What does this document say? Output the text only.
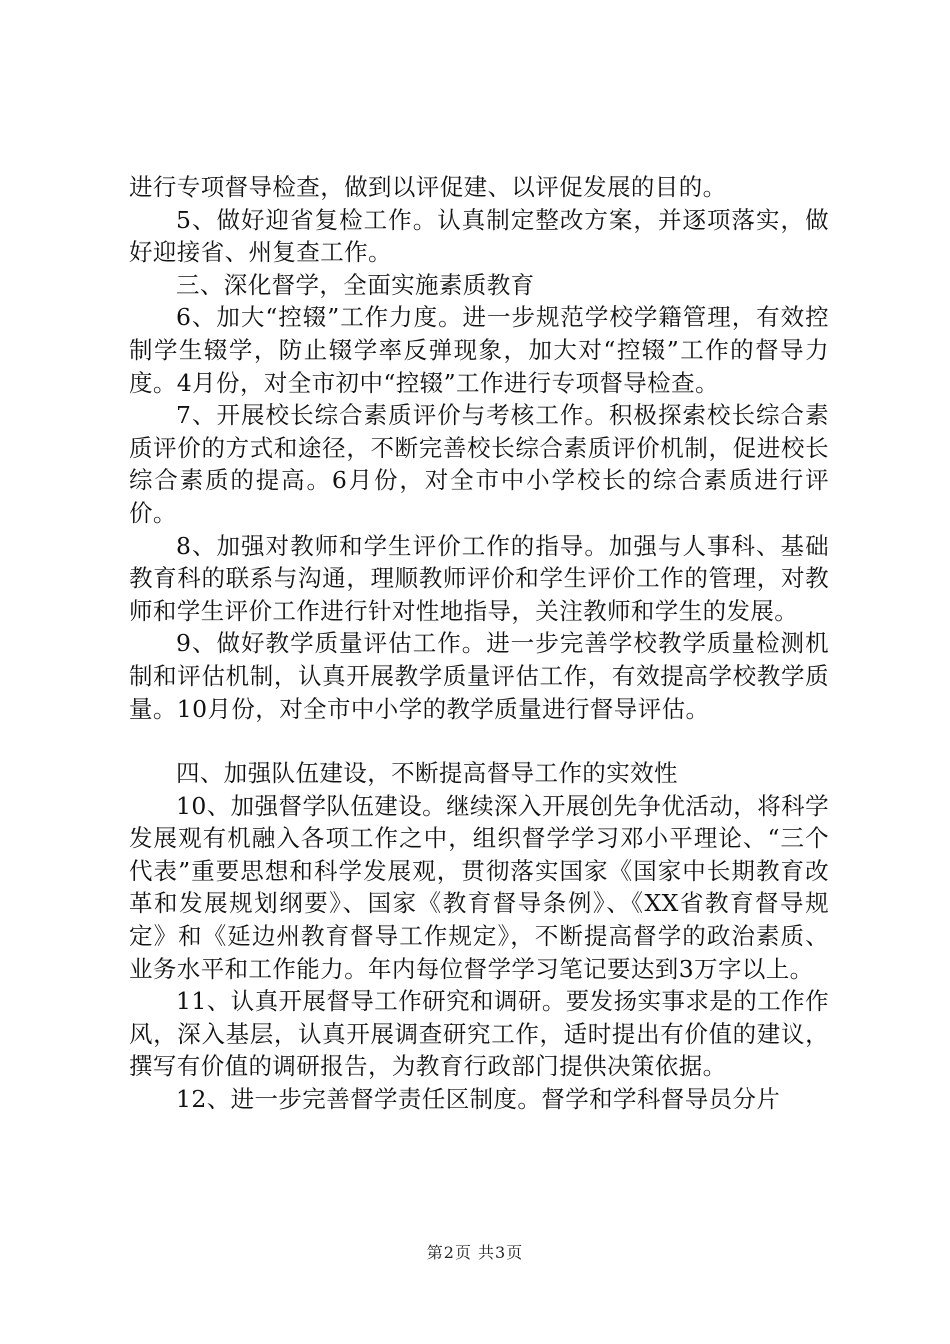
进行专项督导检查，做到以评促建、以评促发展的目的。

5、做好迎省复检工作。认真制定整改方案，并逐项落实，做好迎接省、州复查工作。

三、深化督学，全面实施素质教育

6、加大“控辍”工作力度。进一步规范学校学籍管理，有效控制学生辍学，防止辍学率反弹现象，加大对“控辍”工作的督导力度。4月份，对全市初中“控辍”工作进行专项督导检查。

7、开展校长综合素质评价与考核工作。积极探索校长综合素质评价的方式和途径，不断完善校长综合素质评价机制，促进校长综合素质的提高。6月份，对全市中小学校长的综合素质进行评价。

8、加强对教师和学生评价工作的指导。加强与人事科、基础教育科的联系与沟通，理顺教师评价和学生评价工作的管理，对教师和学生评价工作进行针对性地指导，关注教师和学生的发展。

9、做好教学质量评估工作。进一步完善学校教学质量检测机制和评估机制，认真开展教学质量评估工作，有效提高学校教学质量。10月份，对全市中小学的教学质量进行督导评估。

四、加强队伍建设，不断提高督导工作的实效性

10、加强督学队伍建设。继续深入开展创先争优活动，将科学发展观有机融入各项工作之中，组织督学学习邓小平理论、“三个代表”重要思想和科学发展观，贯彻落实国家《国家中长期教育改革和发展规划纲要》、国家《教育督导条例》、《XX省教育督导规定》和《延边州教育督导工作规定》，不断提高督学的政治素质、业务水平和工作能力。年内每位督学学习笔记要达到3万字以上。

11、认真开展督导工作研究和调研。要发扬实事求是的工作作风，深入基层，认真开展调查研究工作，适时提出有价值的建议，撰写有价值的调研报告，为教育行政部门提供决策依据。

12、进一步完善督学责任区制度。督学和学科督导员分片

第2页 共3页
